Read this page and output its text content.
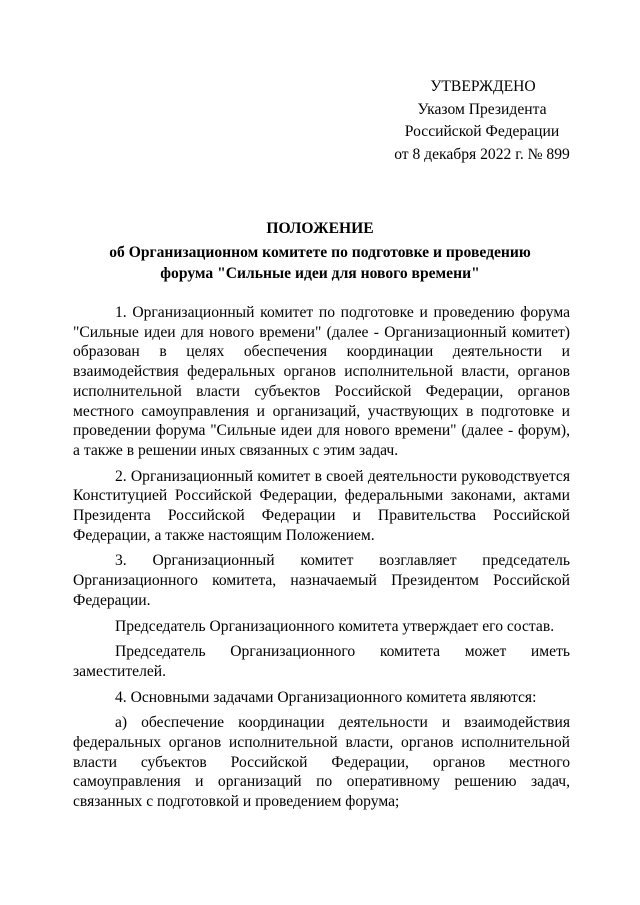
УТВЕРЖДЕНО
Указом Президента
Российской Федерации
от 8 декабря 2022 г. № 899
ПОЛОЖЕНИЕ
об Организационном комитете по подготовке и проведению
форума "Сильные идеи для нового времени"

1. Организационный комитет по подготовке и проведению форума "Сильные идеи для нового времени" (далее - Организационный комитет) образован в целях обеспечения координации деятельности и взаимодействия федеральных органов исполнительной власти, органов исполнительной власти субъектов Российской Федерации, органов местного самоуправления и организаций, участвующих в подготовке и проведении форума "Сильные идеи для нового времени" (далее - форум), а также в решении иных связанных с этим задач.

2. Организационный комитет в своей деятельности руководствуется Конституцией Российской Федерации, федеральными законами, актами Президента Российской Федерации и Правительства Российской Федерации, а также настоящим Положением.

3. Организационный комитет возглавляет председатель Организационного комитета, назначаемый Президентом Российской Федерации.

Председатель Организационного комитета утверждает его состав.

Председатель Организационного комитета может иметь заместителей.

4. Основными задачами Организационного комитета являются:

а) обеспечение координации деятельности и взаимодействия федеральных органов исполнительной власти, органов исполнительной власти субъектов Российской Федерации, органов местного самоуправления и организаций по оперативному решению задач, связанных с подготовкой и проведением форума;
